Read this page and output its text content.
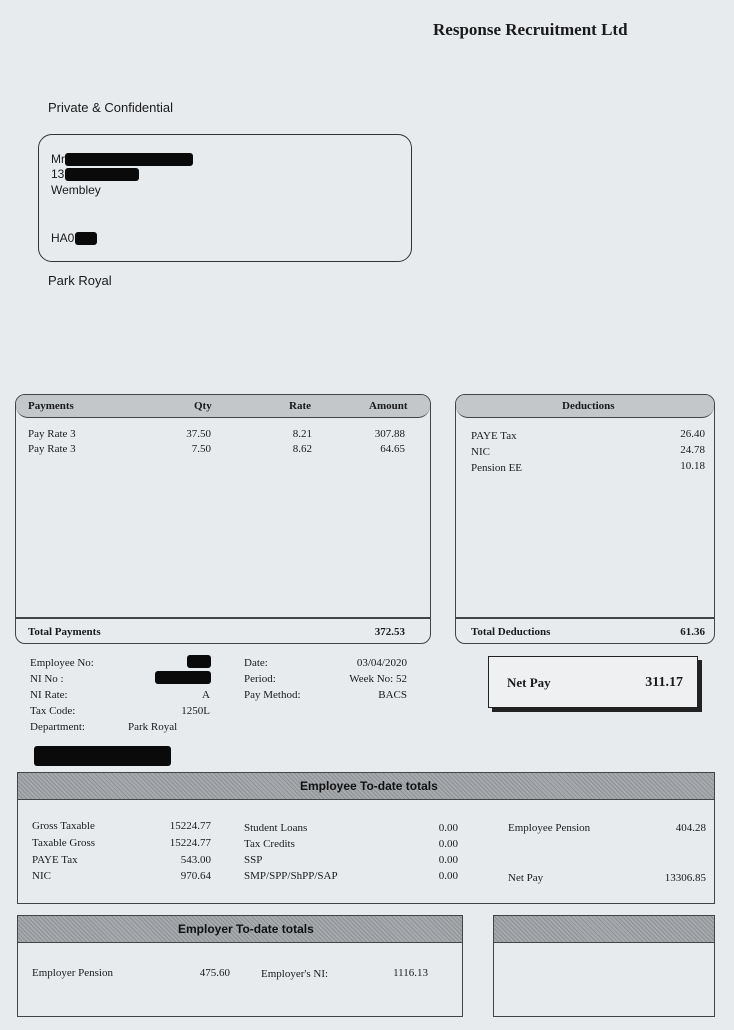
Response Recruitment Ltd
Private & Confidential
Mr
13
Wembley
HA0
Park Royal
Payments	Qty	Rate	Amount
Pay Rate 3	37.50	8.21	307.88
Pay Rate 3	7.50	8.62	64.65
Total Payments	372.53
Deductions
PAYE Tax	26.40
NIC	24.78
Pension EE	10.18
Total Deductions	61.36
Employee No:
NI No :
NI Rate:	A
Tax Code:	1250L
Department:	Park Royal
Date:	03/04/2020
Period:	Week No: 52
Pay Method:	BACS
Net Pay	311.17
Employee To-date totals
Gross Taxable	15224.77
Taxable Gross	15224.77
PAYE Tax	543.00
NIC	970.64
Student Loans	0.00
Tax Credits	0.00
SSP	0.00
SMP/SPP/ShPP/SAP	0.00
Employee Pension	404.28
Net Pay	13306.85
Employer To-date totals
Employer Pension	475.60	Employer's NI:	1116.13
